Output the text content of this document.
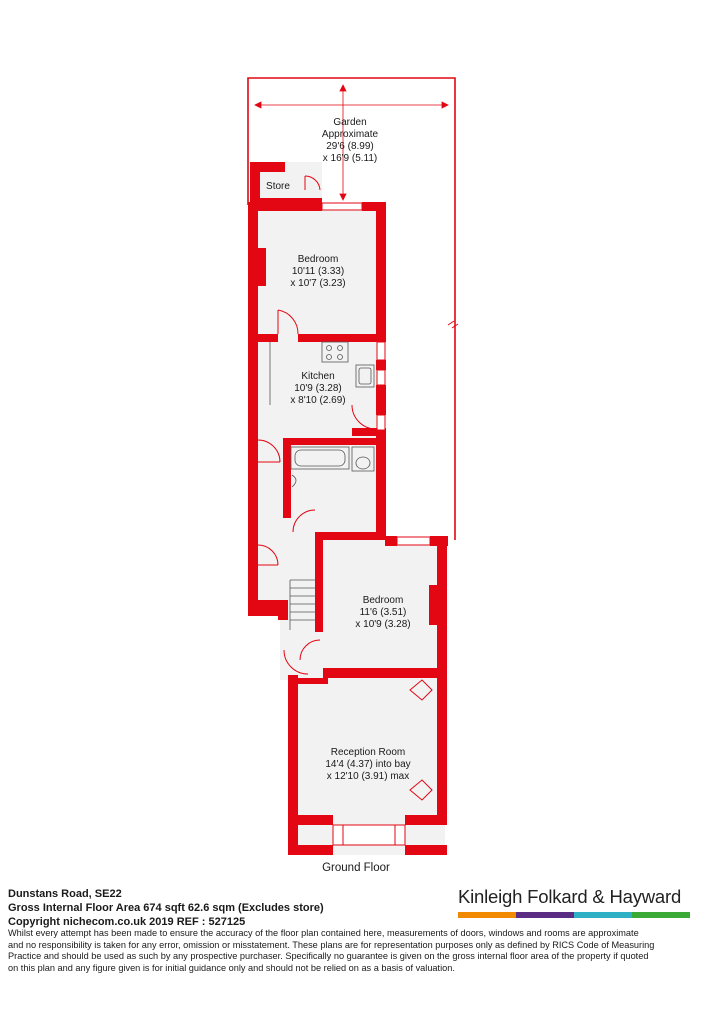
Garden
Approximate
29'6 (8.99)
x 16'9 (5.11)
Store
Bedroom
10'11 (3.33)
x 10'7 (3.23)
Kitchen
10'9 (3.28)
x 8'10 (2.69)
Bedroom
11'6 (3.51)
x 10'9 (3.28)
Reception Room
14'4 (4.37) into bay
x 12'10 (3.91) max
Ground Floor
Dunstans Road, SE22
Gross Internal Floor Area 674 sqft 62.6 sqm (Excludes store)
Copyright nichecom.co.uk 2019 REF : 527125
Kinleigh Folkard & Hayward
Whilst every attempt has been made to ensure the accuracy of the floor plan contained here, measurements of doors, windows and rooms are approximate
and no responsibility is taken for any error, omission or misstatement. These plans are for representation purposes only as defined by RICS Code of Measuring
Practice and should be used as such by any prospective purchaser. Specifically no guarantee is given on the gross internal floor area of the property if quoted
on this plan and any figure given is for initial guidance only and should not be relied on as a basis of valuation.
